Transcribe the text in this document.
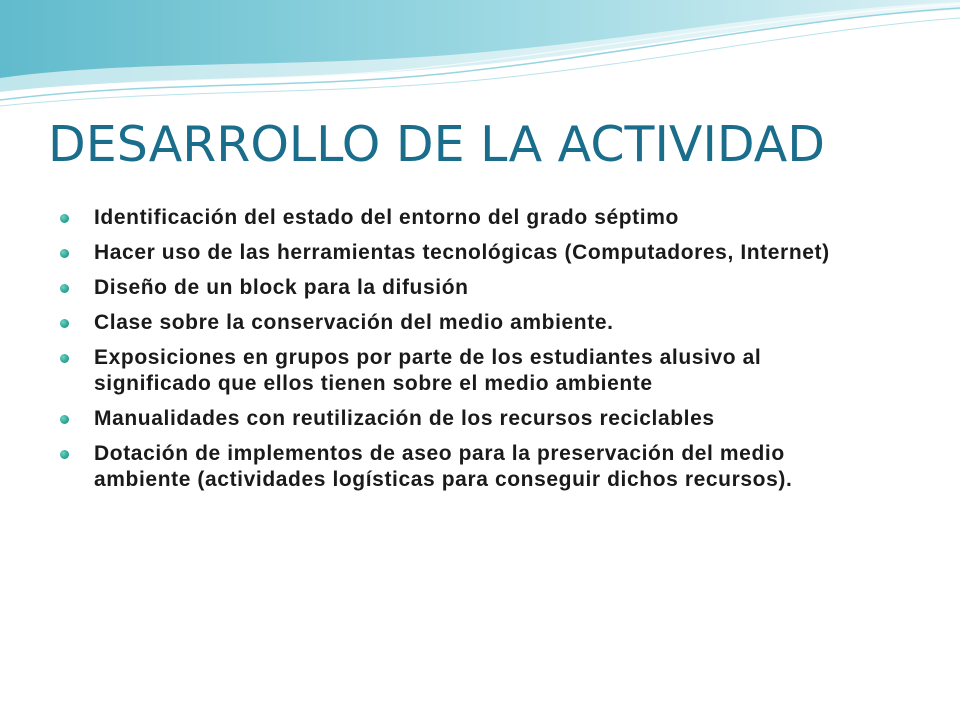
DESARROLLO DE LA ACTIVIDAD
Identificación del estado del entorno del grado séptimo
Hacer uso de las herramientas tecnológicas (Computadores, Internet)
Diseño de un block para la difusión
Clase sobre la conservación del medio ambiente.
Exposiciones en grupos por parte de los estudiantes alusivo al significado que ellos tienen sobre el medio ambiente
Manualidades con reutilización de los recursos reciclables
Dotación de implementos de aseo para la preservación del medio ambiente (actividades logísticas para conseguir dichos recursos).
